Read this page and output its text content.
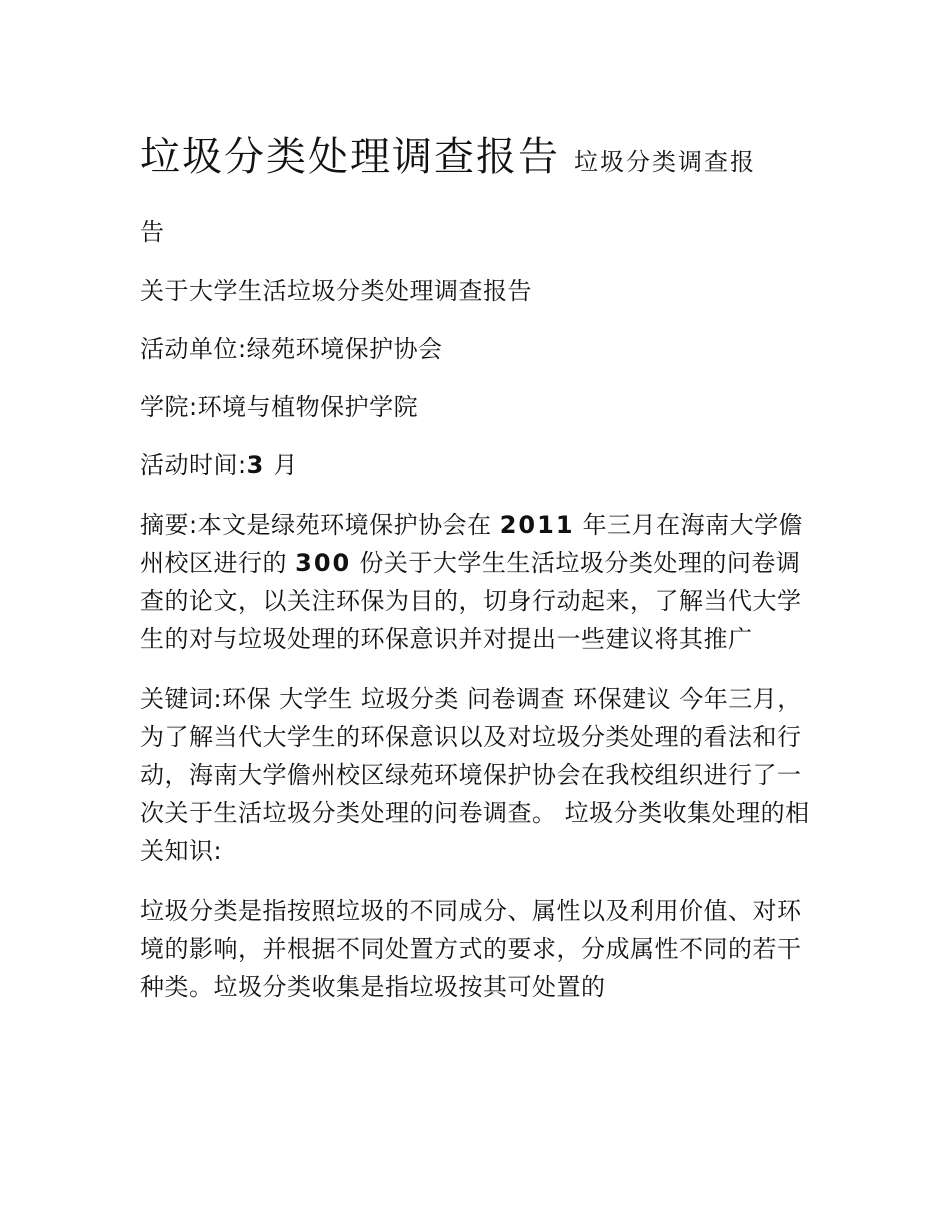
垃圾分类处理调查报告 垃圾分类调查报

告

关于大学生活垃圾分类处理调查报告

活动单位:绿苑环境保护协会

学院:环境与植物保护学院

活动时间:3 月

摘要:本文是绿苑环境保护协会在 2011 年三月在海南大学儋州校区进行的 300 份关于大学生生活垃圾分类处理的问卷调查的论文，以关注环保为目的，切身行动起来，了解当代大学生的对与垃圾处理的环保意识并对提出一些建议将其推广

关键词:环保 大学生 垃圾分类 问卷调查 环保建议 今年三月，为了解当代大学生的环保意识以及对垃圾分类处理的看法和行动，海南大学儋州校区绿苑环境保护协会在我校组织进行了一次关于生活垃圾分类处理的问卷调查。 垃圾分类收集处理的相关知识:

垃圾分类是指按照垃圾的不同成分、属性以及利用价值、对环境的影响，并根据不同处置方式的要求，分成属性不同的若干种类。垃圾分类收集是指垃圾按其可处置的
